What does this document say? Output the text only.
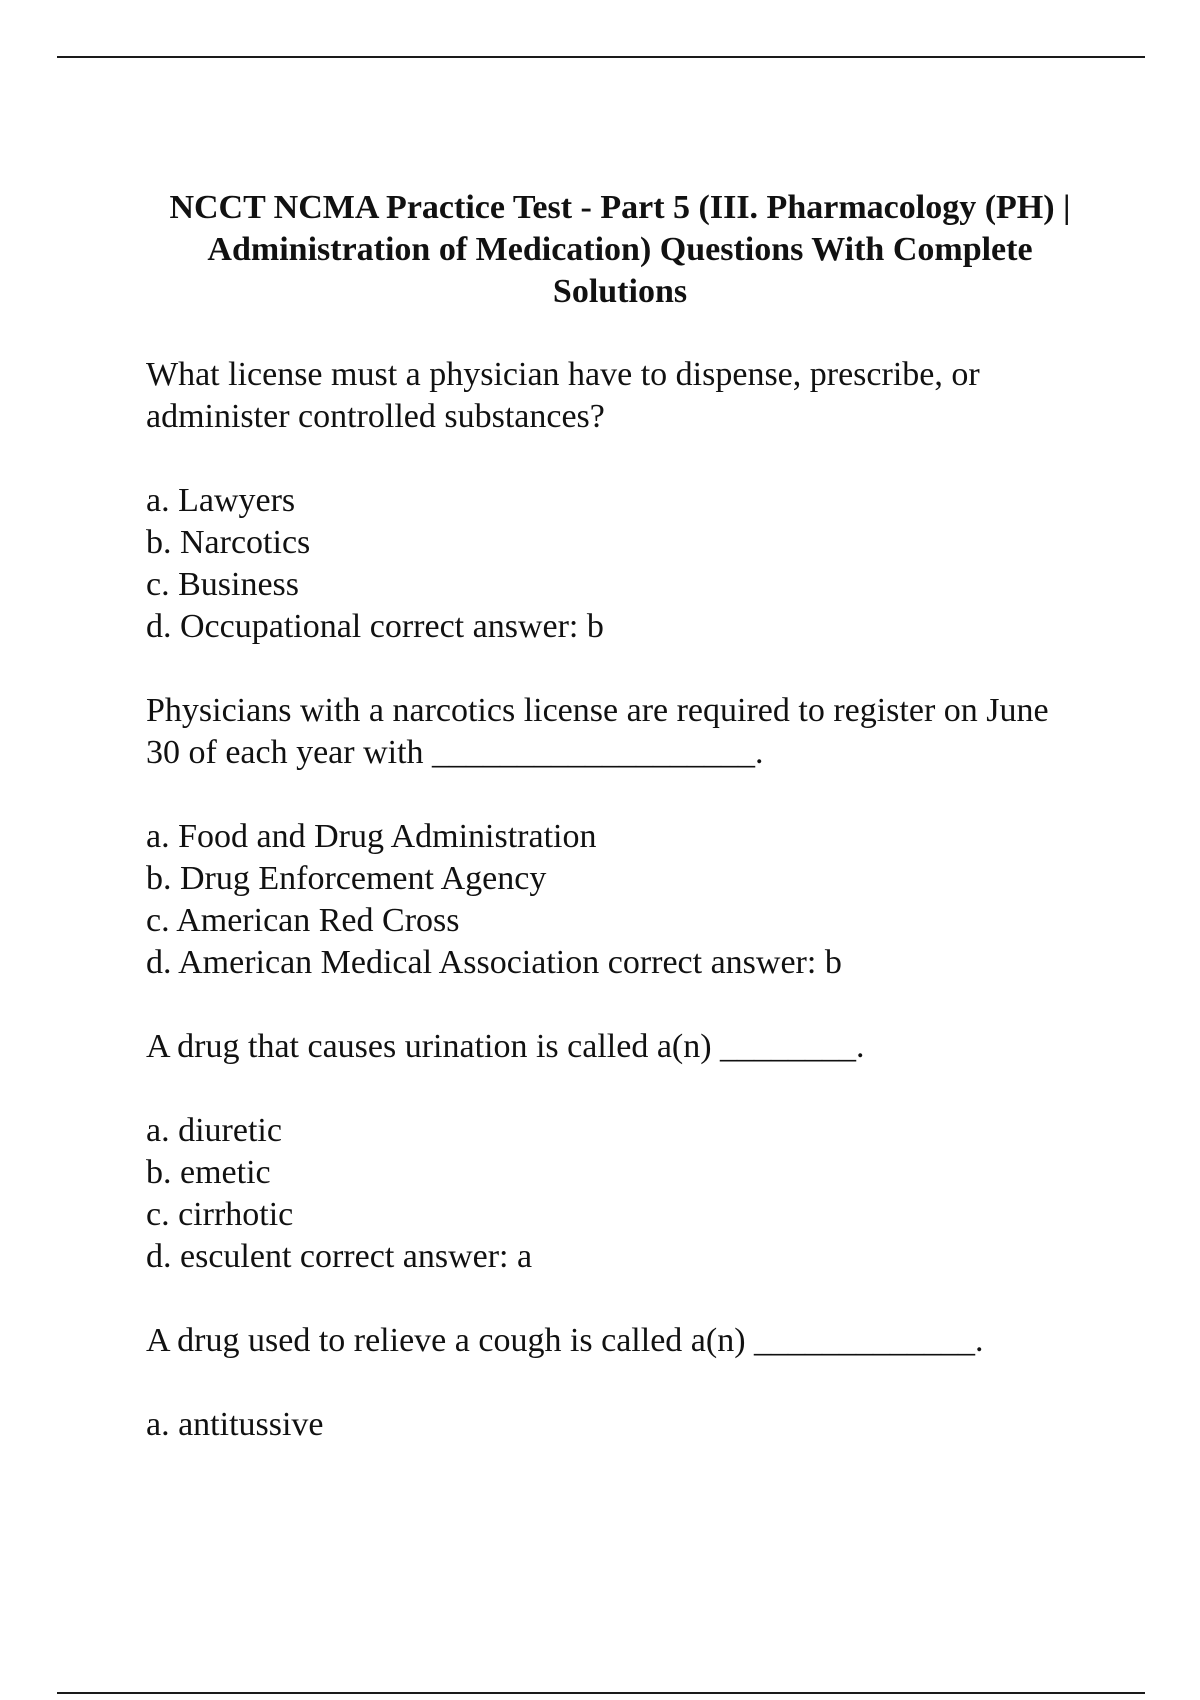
NCCT NCMA Practice Test - Part 5 (III. Pharmacology (PH) | Administration of Medication) Questions With Complete Solutions

What license must a physician have to dispense, prescribe, or administer controlled substances?

a. Lawyers
b. Narcotics
c. Business
d. Occupational correct answer: b

Physicians with a narcotics license are required to register on June 30 of each year with ___________________.

a. Food and Drug Administration
b. Drug Enforcement Agency
c. American Red Cross
d. American Medical Association correct answer: b

A drug that causes urination is called a(n) ________.

a. diuretic
b. emetic
c. cirrhotic
d. esculent correct answer: a

A drug used to relieve a cough is called a(n) _____________.

a. antitussive
